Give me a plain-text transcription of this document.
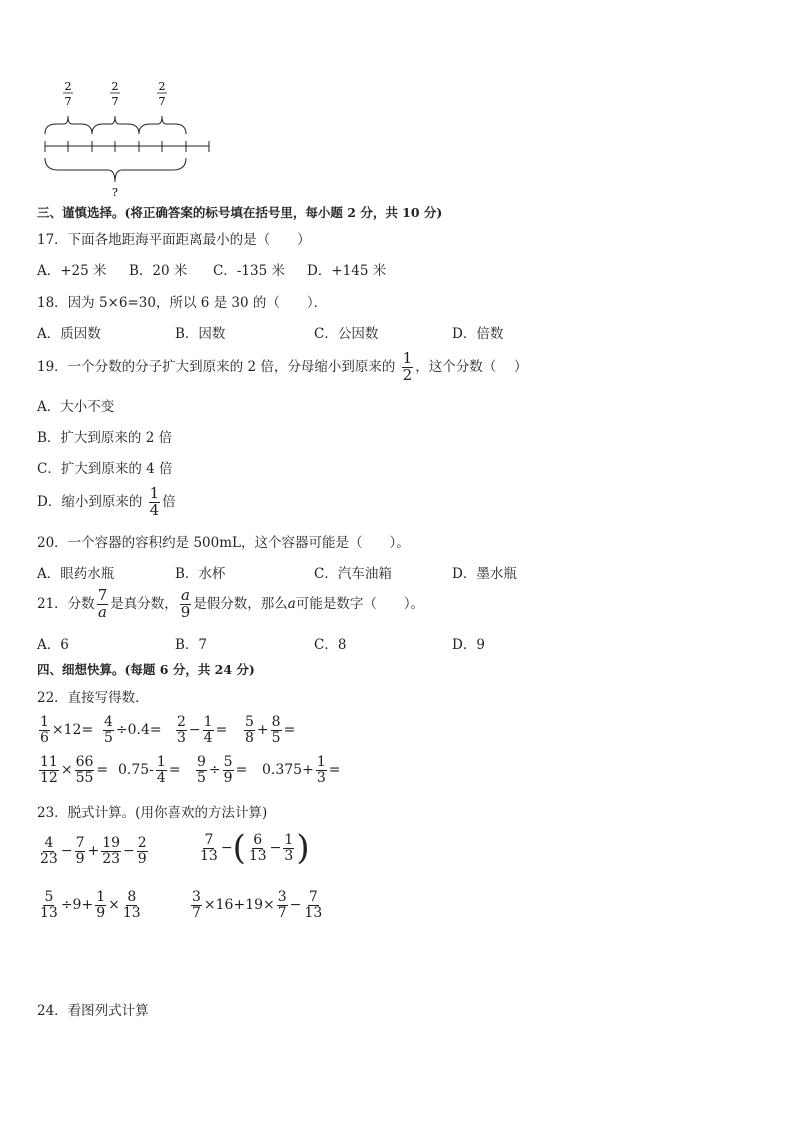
2
7
2
7
2
7
?
三、谨慎选择。(将正确答案的标号填在括号里，每小题 2 分，共 10 分)
17．下面各地距海平面距离最小的是（　　）
A．+25 米 B．20 米 C．-135 米 D．+145 米
18．因为 5×6=30，所以 6 是 30 的（　　）．
A．质因数	B．因数	C．公因数	D．倍数
19．一个分数的分子扩大到原来的 2 倍，分母缩小到原来的 $\frac{1}{2}$ ，这个分数（　 ）
A．大小不变
B．扩大到原来的 2 倍
C．扩大到原来的 4 倍
D．缩小到原来的 $\frac{1}{4}$ 倍
20．一个容器的容积约是 500mL，这个容器可能是（　　）。
A．眼药水瓶	B．水杯	C．汽车油箱	D．墨水瓶
21．分数 $\frac{7}{a}$ 是真分数， $\frac{a}{9}$ 是假分数，那么a可能是数字（　　）。
A．6	B．7	C．8	D．9
四、细想快算。(每题 6 分，共 24 分)
22．直接写得数．
$\frac{1}{6} \times 12= \frac{4}{5} \div 0.4= \frac{2}{3} - \frac{1}{4} = \frac{5}{8} + \frac{8}{5}$ =
$\frac{11}{12} \times \frac{66}{55} = 0.75- \frac{1}{4} = \frac{9}{5} \div \frac{5}{9} = 0.375+ \frac{1}{3}$ =
23．脱式计算。(用你喜欢的方法计算)
$\frac{4}{23} - \frac{7}{9} + \frac{19}{23} - \frac{2}{9}$	$\frac{7}{13}$ −( $\frac{6}{13} - \frac{1}{3}$ )
$\frac{5}{13} \div 9+ \frac{1}{9} \times \frac{8}{13}$	$\frac{3}{7} \times 16+19\times \frac{3}{7} - \frac{7}{13}$
24．看图列式计算
